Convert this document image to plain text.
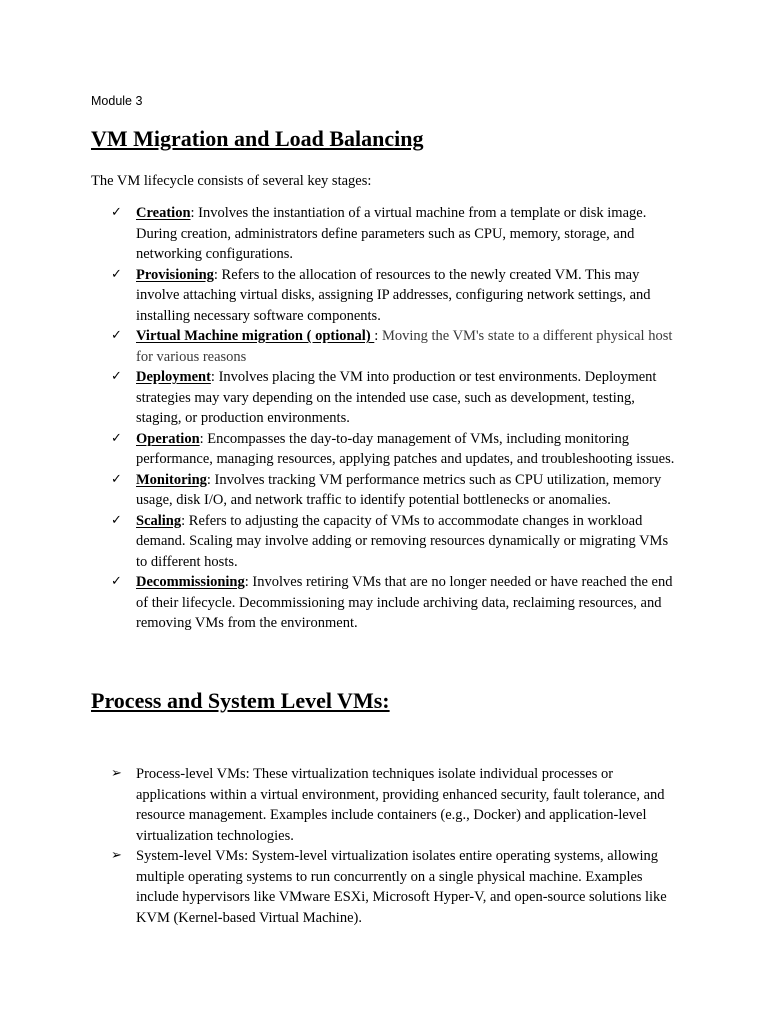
Module 3
VM Migration and Load Balancing
The VM lifecycle consists of several key stages:
✓ Creation: Involves the instantiation of a virtual machine from a template or disk image. During creation, administrators define parameters such as CPU, memory, storage, and networking configurations.
✓ Provisioning: Refers to the allocation of resources to the newly created VM. This may involve attaching virtual disks, assigning IP addresses, configuring network settings, and installing necessary software components.
✓ Virtual Machine migration ( optional) : Moving the VM's state to a different physical host for various reasons
✓ Deployment: Involves placing the VM into production or test environments. Deployment strategies may vary depending on the intended use case, such as development, testing, staging, or production environments.
✓ Operation: Encompasses the day-to-day management of VMs, including monitoring performance, managing resources, applying patches and updates, and troubleshooting issues.
✓ Monitoring: Involves tracking VM performance metrics such as CPU utilization, memory usage, disk I/O, and network traffic to identify potential bottlenecks or anomalies.
✓ Scaling: Refers to adjusting the capacity of VMs to accommodate changes in workload demand. Scaling may involve adding or removing resources dynamically or migrating VMs to different hosts.
✓ Decommissioning: Involves retiring VMs that are no longer needed or have reached the end of their lifecycle. Decommissioning may include archiving data, reclaiming resources, and removing VMs from the environment.
Process and System Level VMs:
➢ Process-level VMs: These virtualization techniques isolate individual processes or applications within a virtual environment, providing enhanced security, fault tolerance, and resource management. Examples include containers (e.g., Docker) and application-level virtualization technologies.
➢ System-level VMs: System-level virtualization isolates entire operating systems, allowing multiple operating systems to run concurrently on a single physical machine. Examples include hypervisors like VMware ESXi, Microsoft Hyper-V, and open-source solutions like KVM (Kernel-based Virtual Machine).
